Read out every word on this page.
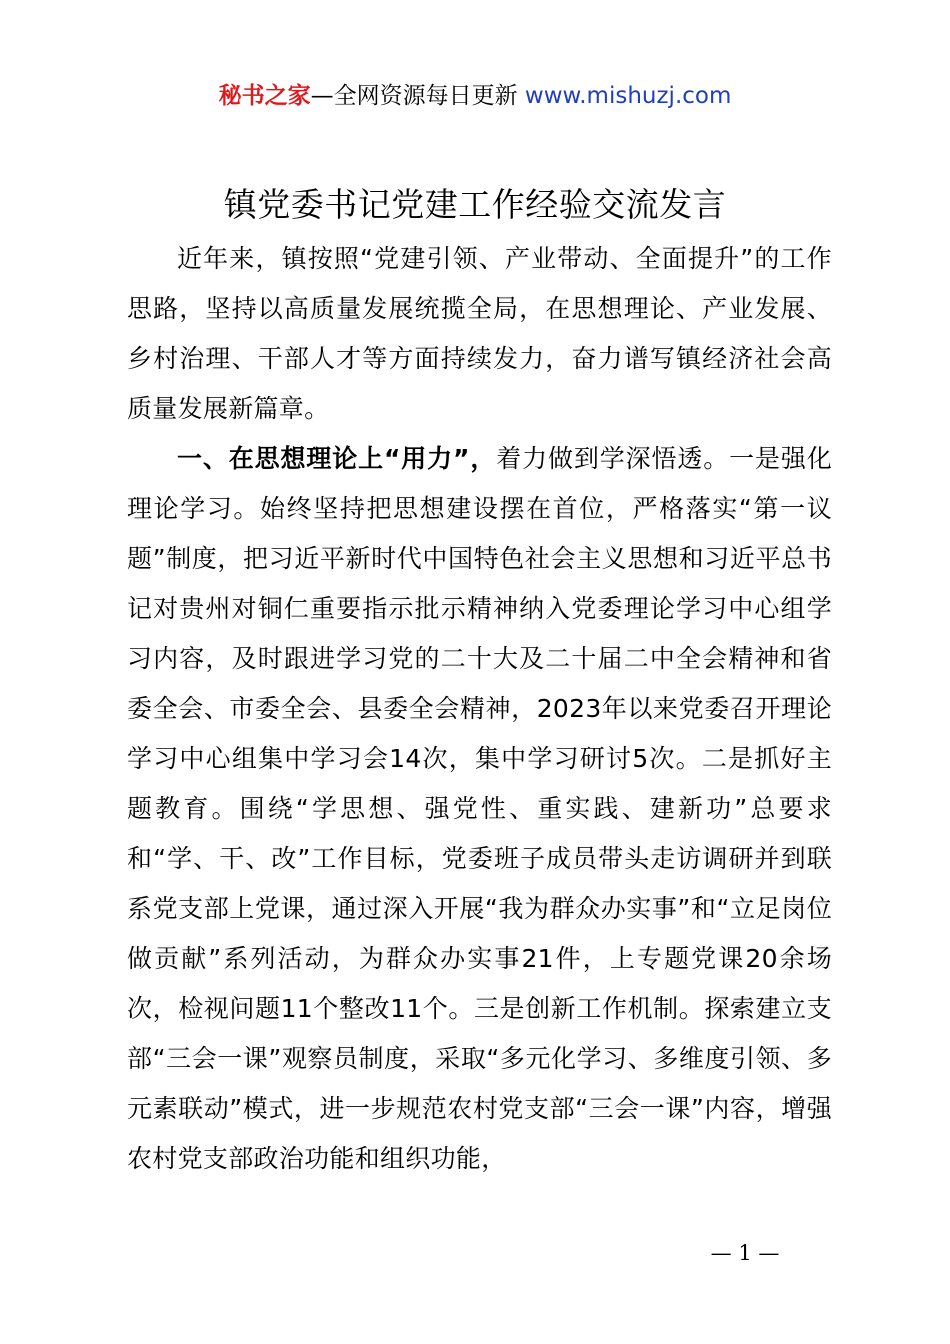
秘书之家—全网资源每日更新 www.mishuzj.com
镇党委书记党建工作经验交流发言

近年来，镇按照“党建引领、产业带动、全面提升”的工作思路，坚持以高质量发展统揽全局，在思想理论、产业发展、乡村治理、干部人才等方面持续发力，奋力谱写镇经济社会高质量发展新篇章。

一、在思想理论上“用力”，着力做到学深悟透。一是强化理论学习。始终坚持把思想建设摆在首位，严格落实“第一议题”制度，把习近平新时代中国特色社会主义思想和习近平总书记对贵州对铜仁重要指示批示精神纳入党委理论学习中心组学习内容，及时跟进学习党的二十大及二十届二中全会精神和省委全会、市委全会、县委全会精神，2023年以来党委召开理论学习中心组集中学习会14次，集中学习研讨5次。二是抓好主题教育。围绕“学思想、强党性、重实践、建新功”总要求和“学、干、改”工作目标，党委班子成员带头走访调研并到联系党支部上党课，通过深入开展“我为群众办实事”和“立足岗位做贡献”系列活动，为群众办实事21件，上专题党课20余场次，检视问题11个整改11个。三是创新工作机制。探索建立支部“三会一课”观察员制度，采取“多元化学习、多维度引领、多元素联动”模式，进一步规范农村党支部“三会一课”内容，增强农村党支部政治功能和组织功能，

— 1 —
